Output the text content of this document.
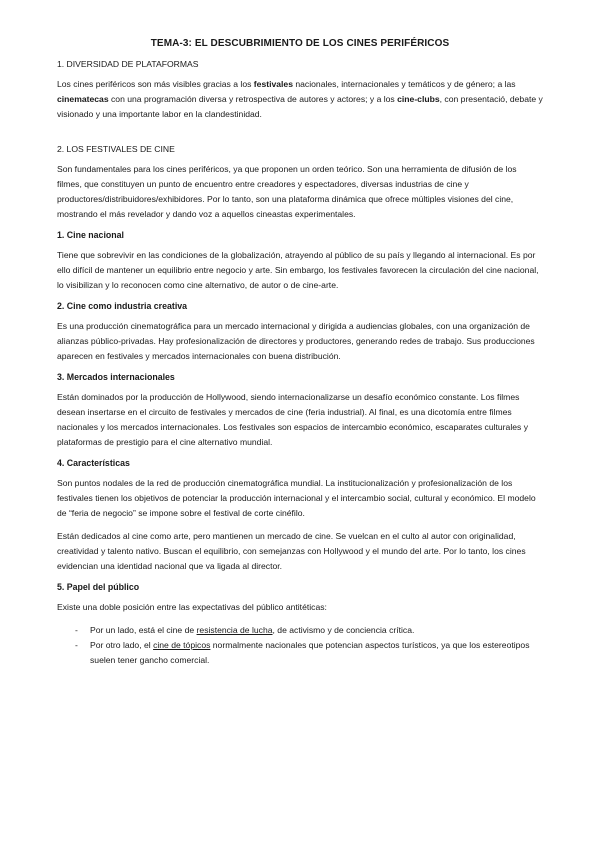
TEMA-3: EL DESCUBRIMIENTO DE LOS CINES PERIFÉRICOS
1. DIVERSIDAD DE PLATAFORMAS
Los cines periféricos son más visibles gracias a los festivales nacionales, internacionales y temáticos y de género; a las cinematecas con una programación diversa y retrospectiva de autores y actores; y a los cine-clubs, con presentació, debate y visionado y una importante labor en la clandestinidad.
2. LOS FESTIVALES DE CINE
Son fundamentales para los cines periféricos, ya que proponen un orden teórico. Son una herramienta de difusión de los filmes, que constituyen un punto de encuentro entre creadores y espectadores, diversas industrias de cine y productores/distribuidores/exhibidores. Por lo tanto, son una plataforma dinámica que ofrece múltiples visiones del cine, mostrando el más revelador y dando voz a aquellos cineastas experimentales.
1. Cine nacional
Tiene que sobrevivir en las condiciones de la globalización, atrayendo al público de su país y llegando al internacional. Es por ello difícil de mantener un equilibrio entre negocio y arte. Sin embargo, los festivales favorecen la circulación del cine nacional, lo visibilizan y lo reconocen como cine alternativo, de autor o de cine-arte.
2. Cine como industria creativa
Es una producción cinematográfica para un mercado internacional y dirigida a audiencias globales, con una organización de alianzas público-privadas. Hay profesionalización de directores y productores, generando redes de trabajo. Sus producciones aparecen en festivales y mercados internacionales con buena distribución.
3. Mercados internacionales
Están dominados por la producción de Hollywood, siendo internacionalizarse un desafío económico constante. Los filmes desean insertarse en el circuito de festivales y mercados de cine (feria industrial). Al final, es una dicotomía entre filmes nacionales y los mercados internacionales. Los festivales son espacios de intercambio económico, escaparates culturales y plataformas de prestigio para el cine alternativo mundial.
4. Características
Son puntos nodales de la red de producción cinematográfica mundial. La institucionalización y profesionalización de los festivales tienen los objetivos de potenciar la producción internacional y el intercambio social, cultural y económico. El modelo de “feria de negocio” se impone sobre el festival de corte cinéfilo.
Están dedicados al cine como arte, pero mantienen un mercado de cine. Se vuelcan en el culto al autor con originalidad, creatividad y talento nativo. Buscan el equilibrio, con semejanzas con Hollywood y el mundo del arte. Por lo tanto, los cines evidencian una identidad nacional que va ligada al director.
5. Papel del público
Existe una doble posición entre las expectativas del público antitéticas:
- Por un lado, está el cine de resistencia de lucha, de activismo y de conciencia crítica.
- Por otro lado, el cine de tópicos normalmente nacionales que potencian aspectos turísticos, ya que los estereotipos suelen tener gancho comercial.
